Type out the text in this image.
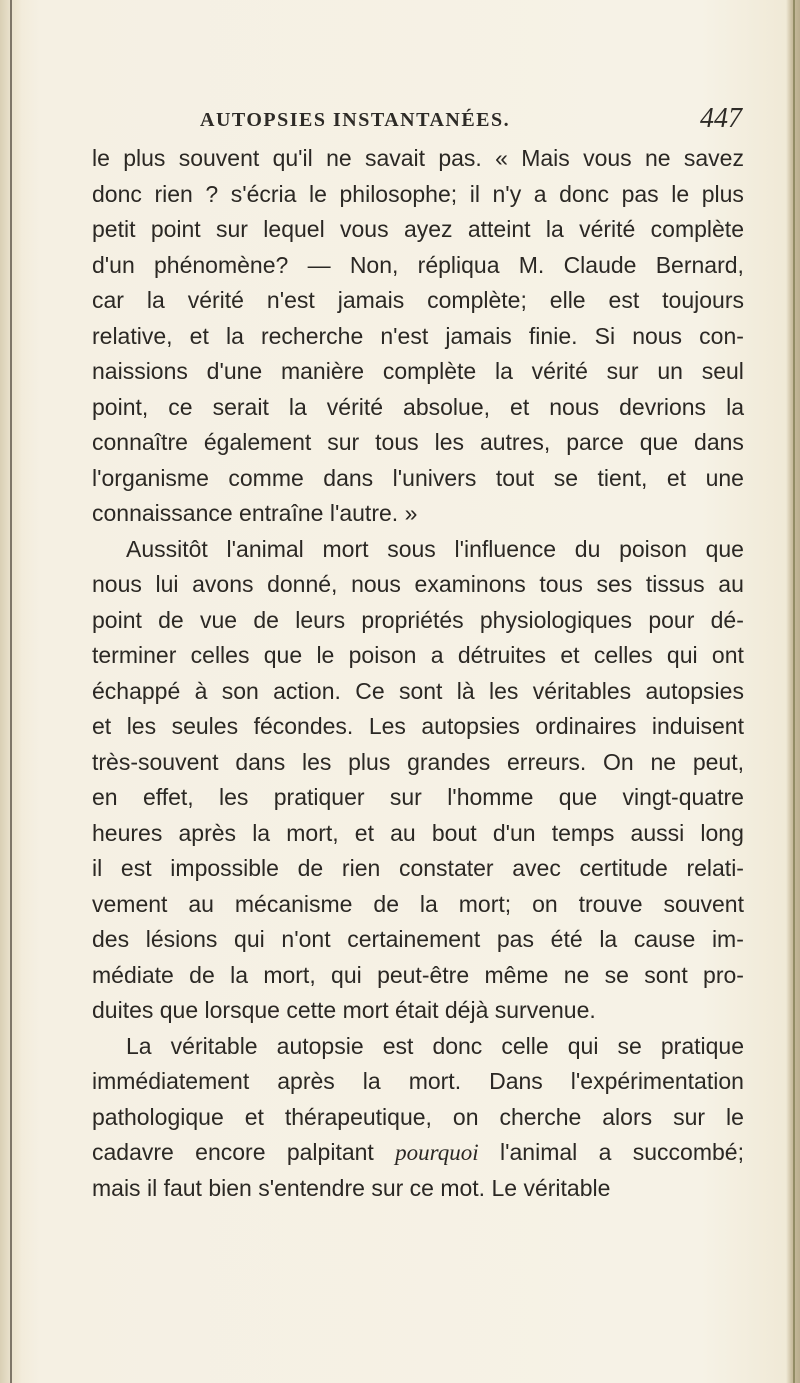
AUTOPSIES INSTANTANÉES.	447
le plus souvent qu'il ne savait pas. « Mais vous ne savez
donc rien ? s'écria le philosophe; il n'y a donc pas le plus
petit point sur lequel vous ayez atteint la vérité complète
d'un phénomène? — Non, répliqua M. Claude Bernard,
car la vérité n'est jamais complète; elle est toujours
relative, et la recherche n'est jamais finie. Si nous con-
naissions d'une manière complète la vérité sur un seul
point, ce serait la vérité absolue, et nous devrions la
connaître également sur tous les autres, parce que dans
l'organisme comme dans l'univers tout se tient, et une
connaissance entraîne l'autre. »
Aussitôt l'animal mort sous l'influence du poison que
nous lui avons donné, nous examinons tous ses tissus au
point de vue de leurs propriétés physiologiques pour dé-
terminer celles que le poison a détruites et celles qui ont
échappé à son action. Ce sont là les véritables autopsies
et les seules fécondes. Les autopsies ordinaires induisent
très-souvent dans les plus grandes erreurs. On ne peut,
en effet, les pratiquer sur l'homme que vingt-quatre
heures après la mort, et au bout d'un temps aussi long
il est impossible de rien constater avec certitude relati-
vement au mécanisme de la mort; on trouve souvent
des lésions qui n'ont certainement pas été la cause im-
médiate de la mort, qui peut-être même ne se sont pro-
duites que lorsque cette mort était déjà survenue.
La véritable autopsie est donc celle qui se pratique
immédiatement après la mort. Dans l'expérimentation
pathologique et thérapeutique, on cherche alors sur le
cadavre encore palpitant pourquoi l'animal a succombé;
mais il faut bien s'entendre sur ce mot. Le véritable
